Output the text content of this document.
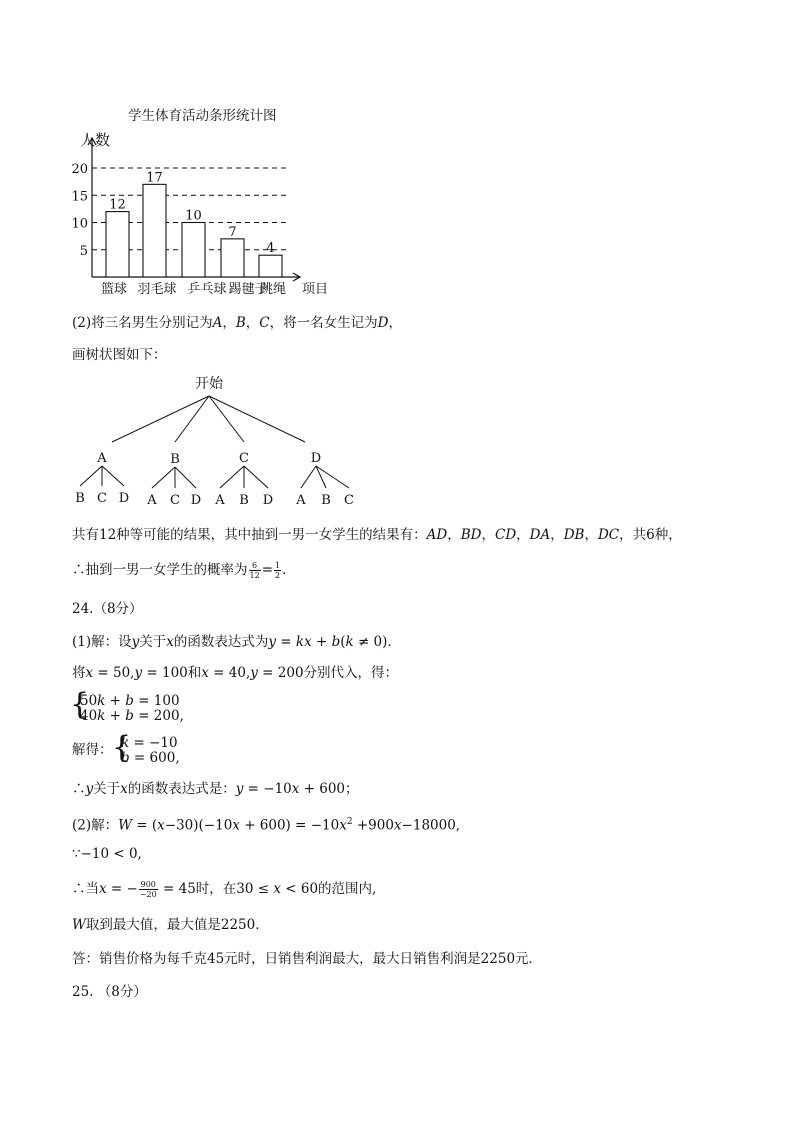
学生体育活动条形统计图
5
10
15
20
人数
项目
12
17
10
7
4
篮球 羽毛球 乒乓球 踢毽子
跳绳
(2)将三名男生分别记为𝐴，𝐵，𝐶，将一名女生记为𝐷，
画树状图如下：
开始
A
B C D
B
A C D
C
A B D
D
A B C
共有12种等可能的结果，其中抽到一男一女学生的结果有：𝐴𝐷，𝐵𝐷，𝐶𝐷，𝐷𝐴，𝐷𝐵，𝐷𝐶，共6种，
∴抽到一男一女学生的概率为 $\frac{6}{12} = \frac{1}{2}$ .
24.（8分）
(1)解：设𝑦关于𝑥的函数表达式为𝑦 = 𝑘𝑥 + 𝑏(𝑘 ≠ 0)．
将𝑥 = 50,𝑦 = 100和𝑥 = 40,𝑦 = 200分别代入，得：
{
50𝑘 + 𝑏 = 100
40𝑘 + 𝑏 = 200,
解得： {
𝑘 = −10
𝑏 = 600,
∴𝑦关于𝑥的函数表达式是：𝑦 = −10𝑥 + 600；
(2)解：𝑊 = (𝑥−30)(−10𝑥 + 600) = −10𝑥$^2$ +900𝑥−18000,
∵−10 < 0,
∴当𝑥 = − $\frac{900}{-20} = 45$时，在30 ≤ 𝑥 < 60的范围内,
𝑊取到最大值，最大值是2250．
答：销售价格为每千克45元时，日销售利润最大，最大日销售利润是2250元．
25. （8分）
